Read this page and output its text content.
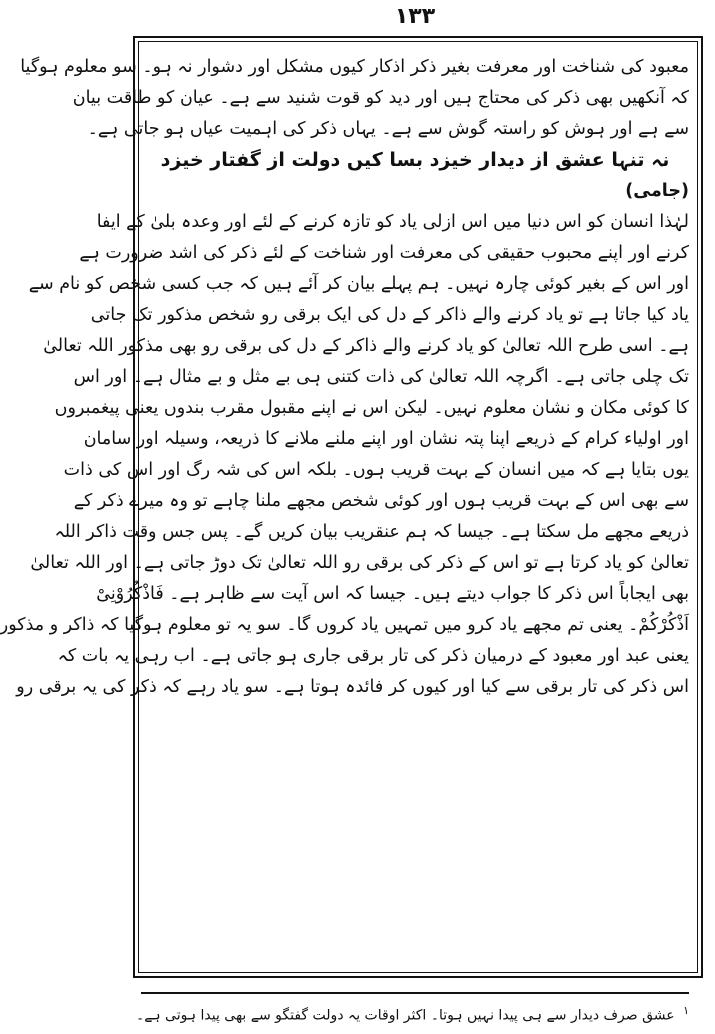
۱۳۳
معبود کی شناخت اور معرفت بغیر ذکر اذکار کیوں مشکل اور دشوار نہ ہو۔ سو معلوم ہوگیا
کہ آنکھیں بھی ذکر کی محتاج ہیں اور دید کو قوت شنید سے ہے۔ عیان کو طاقت بیان
سے ہے اور ہوش کو راستہ گوش سے ہے۔ یہاں ذکر کی اہمیت عیاں ہو جاتی ہے۔
نہ تنہا عشق از دیدار خیزد بسا کیں دولت از گفتار خیزد
(جامی)
لہٰذا انسان کو اس دنیا میں اس ازلی یاد کو تازہ کرنے کے لئے اور وعدہ بلیٰ کے ایفا
کرنے اور اپنے محبوب حقیقی کی معرفت اور شناخت کے لئے ذکر کی اشد ضرورت ہے
اور اس کے بغیر کوئی چارہ نہیں۔ ہم پہلے بیان کر آئے ہیں کہ جب کسی شخص کو نام سے
یاد کیا جاتا ہے تو یاد کرنے والے ذاکر کے دل کی ایک برقی رو شخص مذکور تک جاتی
ہے۔ اسی طرح اللہ تعالیٰ کو یاد کرنے والے ذاکر کے دل کی برقی رو بھی مذکور اللہ تعالیٰ
تک چلی جاتی ہے۔ اگرچہ اللہ تعالیٰ کی ذات کتنی ہی بے مثل و بے مثال ہے۔ اور اس
کا کوئی مکان و نشان معلوم نہیں۔ لیکن اس نے اپنے مقبول مقرب بندوں یعنی پیغمبروں
اور اولیاء کرام کے ذریعے اپنا پتہ نشان اور اپنے ملنے ملانے کا ذریعہ، وسیلہ اور سامان
یوں بتایا ہے کہ میں انسان کے بہت قریب ہوں۔ بلکہ اس کی شہ رگ اور اس کی ذات
سے بھی اس کے بہت قریب ہوں اور کوئی شخص مجھے ملنا چاہے تو وہ میرے ذکر کے
ذریعے مجھے مل سکتا ہے۔ جیسا کہ ہم عنقریب بیان کریں گے۔ پس جس وقت ذاکر اللہ
تعالیٰ کو یاد کرتا ہے تو اس کے ذکر کی برقی رو اللہ تعالیٰ تک دوڑ جاتی ہے۔ اور اللہ تعالیٰ
بھی ایجاباً اس ذکر کا جواب دیتے ہیں۔ جیسا کہ اس آیت سے ظاہر ہے۔ فَاذْکُرُوْنِیْ
اَذْکُرْکُمْ۔ یعنی تم مجھے یاد کرو میں تمہیں یاد کروں گا۔ سو یہ تو معلوم ہوگیا کہ ذاکر و مذکور
یعنی عبد اور معبود کے درمیان ذکر کی تار برقی جاری ہو جاتی ہے۔ اب رہی یہ بات کہ
اس ذکر کی تار برقی سے کیا اور کیوں کر فائدہ ہوتا ہے۔ سو یاد رہے کہ ذکر کی یہ برقی رو
$^۱$ عشق صرف دیدار سے ہی پیدا نہیں ہوتا۔ اکثر اوقات یہ دولت گفتگو سے بھی پیدا ہوتی ہے۔
